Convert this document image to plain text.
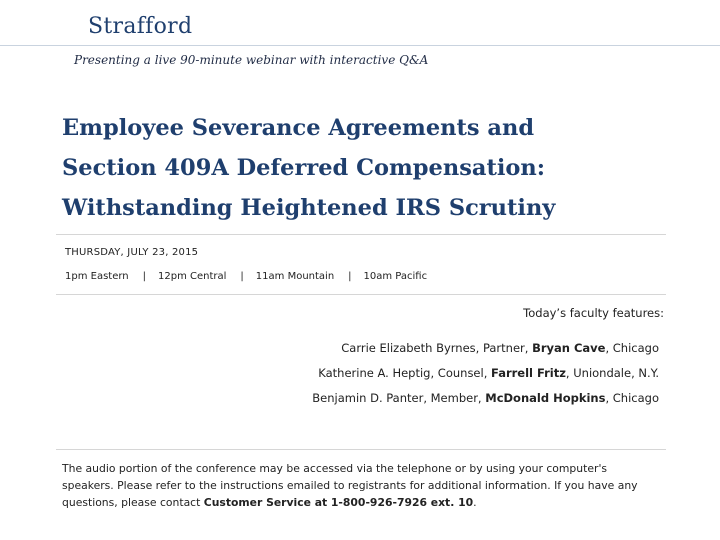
Strafford
Presenting a live 90-minute webinar with interactive Q&A
Employee Severance Agreements and
Section 409A Deferred Compensation:
Withstanding Heightened IRS Scrutiny
THURSDAY, JULY 23, 2015
1pm Eastern | 12pm Central | 11am Mountain | 10am Pacific
Today’s faculty features:
Carrie Elizabeth Byrnes, Partner, Bryan Cave, Chicago
Katherine A. Heptig, Counsel, Farrell Fritz, Uniondale, N.Y.
Benjamin D. Panter, Member, McDonald Hopkins, Chicago
The audio portion of the conference may be accessed via the telephone or by using your computer's speakers. Please refer to the instructions emailed to registrants for additional information. If you have any questions, please contact Customer Service at 1-800-926-7926 ext. 10.
